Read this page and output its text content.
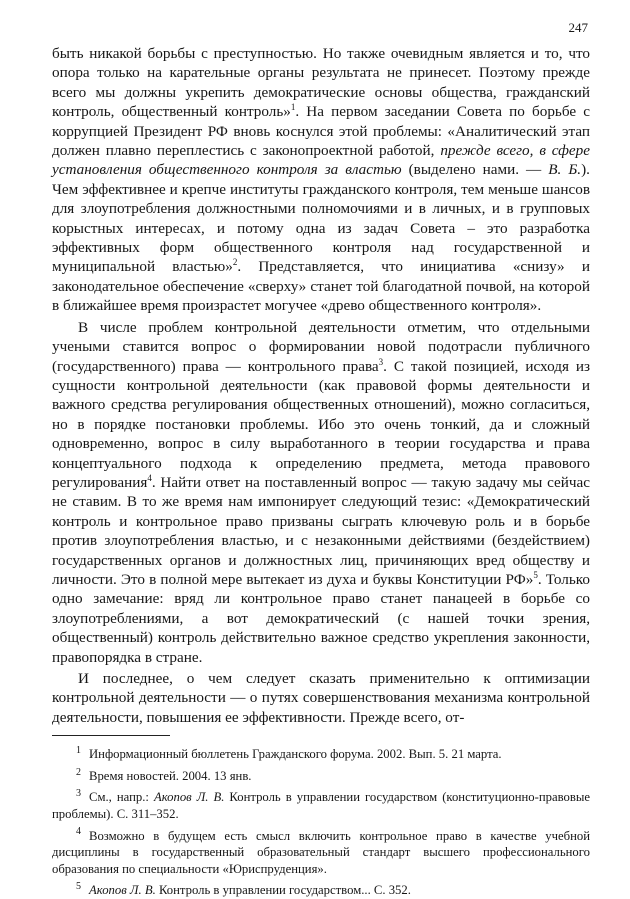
247

быть никакой борьбы с преступностью. Но также очевидным является и то, что опора только на карательные органы результата не принесет. Поэтому прежде всего мы должны укрепить демократические основы общества, гражданский контроль, общественный контроль»$^1$. На первом заседании Совета по борьбе с коррупцией Президент РФ вновь коснулся этой проблемы: «Аналитический этап должен плавно переплестись с законопроектной работой, прежде всего, в сфере установления общественного контроля за властью (выделено нами. — В. Б.). Чем эффективнее и крепче институты гражданского контроля, тем меньше шансов для злоупотребления должностными полномочиями и в личных, и в групповых корыстных интересах, и потому одна из задач Совета – это разработка эффективных форм общественного контроля над государственной и муниципальной властью»$^2$. Представляется, что инициатива «снизу» и законодательное обеспечение «сверху» станет той благодатной почвой, на которой в ближайшее время произрастет могучее «древо общественного контроля».

В числе проблем контрольной деятельности отметим, что отдельными учеными ставится вопрос о формировании новой подотрасли публичного (государственного) права — контрольного права$^3$. С такой позицией, исходя из сущности контрольной деятельности (как правовой формы деятельности и важного средства регулирования общественных отношений), можно согласиться, но в порядке постановки проблемы. Ибо это очень тонкий, да и сложный одновременно, вопрос в силу выработанного в теории государства и права концептуального подхода к определению предмета, метода правового регулирования$^4$. Найти ответ на поставленный вопрос — такую задачу мы сейчас не ставим. В то же время нам импонирует следующий тезис: «Демократический контроль и контрольное право призваны сыграть ключевую роль и в борьбе против злоупотребления властью, и с незаконными действиями (бездействием) государственных органов и должностных лиц, причиняющих вред обществу и личности. Это в полной мере вытекает из духа и буквы Конституции РФ»$^5$. Только одно замечание: вряд ли контрольное право станет панацеей в борьбе со злоупотреблениями, а вот демократический (с нашей точки зрения, общественный) контроль действительно важное средство укрепления законности, правопорядка в стране.

И последнее, о чем следует сказать применительно к оптимизации контрольной деятельности — о путях совершенствования механизма контрольной деятельности, повышения ее эффективности. Прежде всего, от-

$^1$ Информационный бюллетень Гражданского форума. 2002. Вып. 5. 21 марта.
$^2$ Время новостей. 2004. 13 янв.
$^3$ См., напр.: Акопов Л. В. Контроль в управлении государством (конституционно-правовые проблемы). С. 311–352.
$^4$ Возможно в будущем есть смысл включить контрольное право в качестве учебной дисциплины в государственный образовательный стандарт высшего профессионального образования по специальности «Юриспруденция».
$^5$ Акопов Л. В. Контроль в управлении государством... С. 352.
